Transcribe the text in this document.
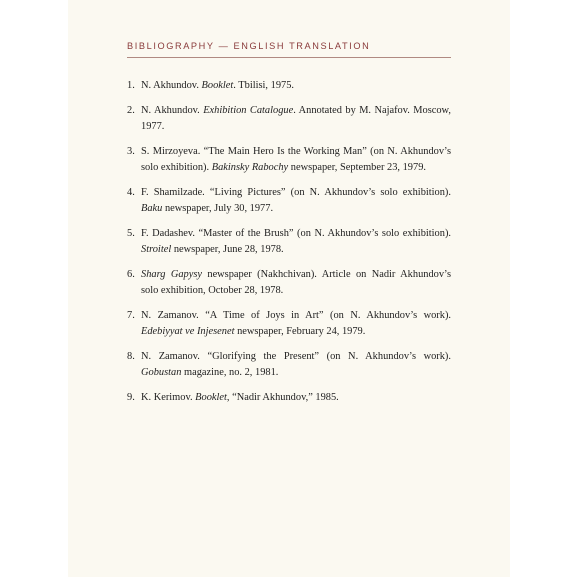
BIBLIOGRAPHY — ENGLISH TRANSLATION
1. N. Akhundov. Booklet. Tbilisi, 1975.
2. N. Akhundov. Exhibition Catalogue. Annotated by M. Najafov. Moscow, 1977.
3. S. Mirzoyeva. “The Main Hero Is the Working Man” (on N. Akhundov’s solo exhibition). Bakinsky Rabochy newspaper, September 23, 1979.
4. F. Shamilzade. “Living Pictures” (on N. Akhundov’s solo exhibition). Baku newspaper, July 30, 1977.
5. F. Dadashev. “Master of the Brush” (on N. Akhundov’s solo exhibition). Stroitel newspaper, June 28, 1978.
6. Sharg Gapysy newspaper (Nakhchivan). Article on Nadir Akhundov’s solo exhibition, October 28, 1978.
7. N. Zamanov. “A Time of Joys in Art” (on N. Akhundov’s work). Edebiyyat ve Injesenet newspaper, February 24, 1979.
8. N. Zamanov. “Glorifying the Present” (on N. Akhundov’s work). Gobustan magazine, no. 2, 1981.
9. K. Kerimov. Booklet, “Nadir Akhundov,” 1985.
